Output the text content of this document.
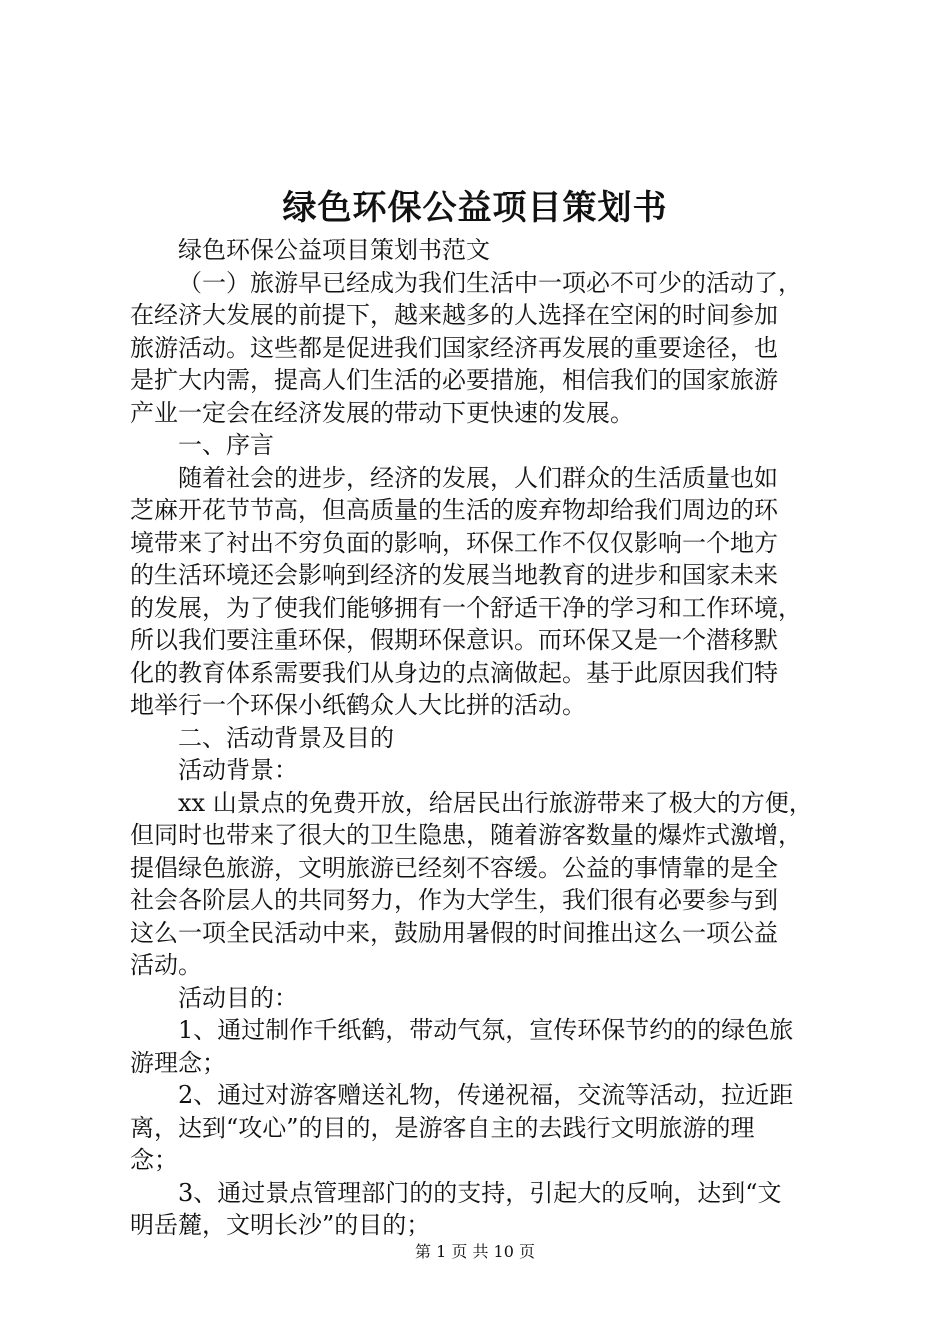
绿色环保公益项目策划书
绿色环保公益项目策划书范文
（一）旅游早已经成为我们生活中一项必不可少的活动了，
在经济大发展的前提下，越来越多的人选择在空闲的时间参加
旅游活动。这些都是促进我们国家经济再发展的重要途径，也
是扩大内需，提高人们生活的必要措施，相信我们的国家旅游
产业一定会在经济发展的带动下更快速的发展。
一、序言
随着社会的进步，经济的发展，人们群众的生活质量也如
芝麻开花节节高，但高质量的生活的废弃物却给我们周边的环
境带来了衬出不穷负面的影响，环保工作不仅仅影响一个地方
的生活环境还会影响到经济的发展当地教育的进步和国家未来
的发展，为了使我们能够拥有一个舒适干净的学习和工作环境，
所以我们要注重环保，假期环保意识。而环保又是一个潜移默
化的教育体系需要我们从身边的点滴做起。基于此原因我们特
地举行一个环保小纸鹤众人大比拼的活动。
二、活动背景及目的
活动背景：
xx 山景点的免费开放，给居民出行旅游带来了极大的方便，
但同时也带来了很大的卫生隐患，随着游客数量的爆炸式激增，
提倡绿色旅游，文明旅游已经刻不容缓。公益的事情靠的是全
社会各阶层人的共同努力，作为大学生，我们很有必要参与到
这么一项全民活动中来，鼓励用暑假的时间推出这么一项公益
活动。
活动目的：
1、通过制作千纸鹤，带动气氛，宣传环保节约的的绿色旅
游理念；
2、通过对游客赠送礼物，传递祝福，交流等活动，拉近距
离，达到“攻心”的目的，是游客自主的去践行文明旅游的理
念；
3、通过景点管理部门的的支持，引起大的反响，达到“文
明岳麓，文明长沙”的目的；
第 1 页 共 10 页
